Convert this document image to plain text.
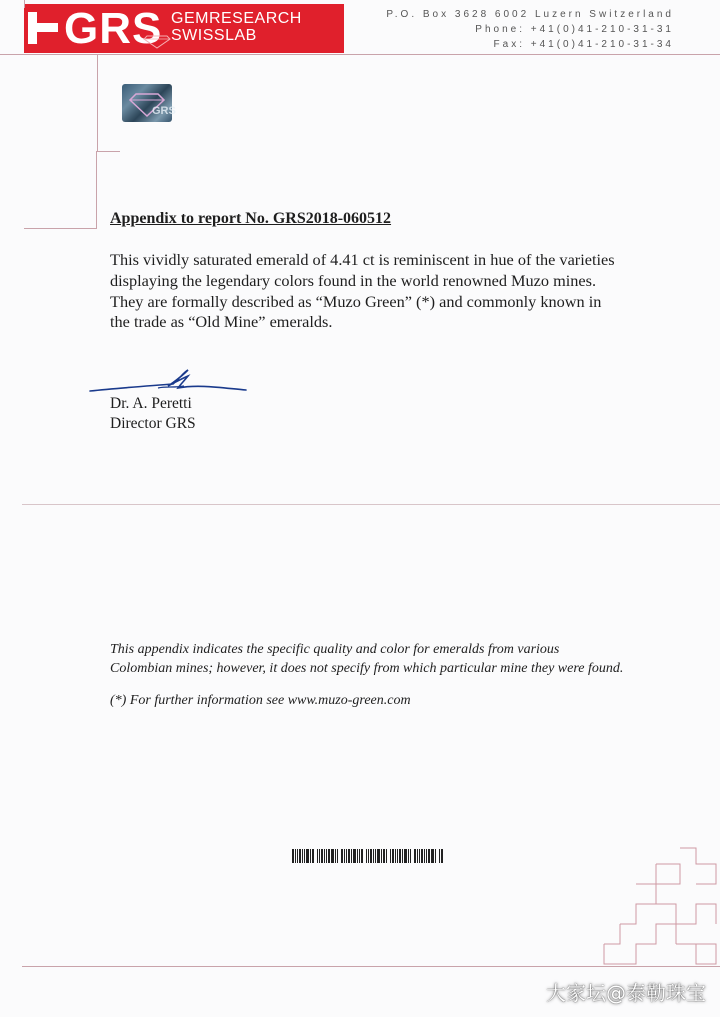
GRS GEMRESEARCH
SWISSLAB
P.O. Box 3628 6002 Luzern Switzerland
Phone: +41(0)41-210-31-31
Fax: +41(0)41-210-31-34
GRS
Appendix to report No. GRS2018-060512
This vividly saturated emerald of 4.41 ct is reminiscent in hue of the varieties
displaying the legendary colors found in the world renowned Muzo mines.
They are formally described as “Muzo Green” (*) and commonly known in
the trade as “Old Mine” emeralds.
Dr. A. Peretti
Director GRS
This appendix indicates the specific quality and color for emeralds from various
Colombian mines; however, it does not specify from which particular mine they were found.
(*) For further information see www.muzo-green.com
大家坛@泰勒珠宝
